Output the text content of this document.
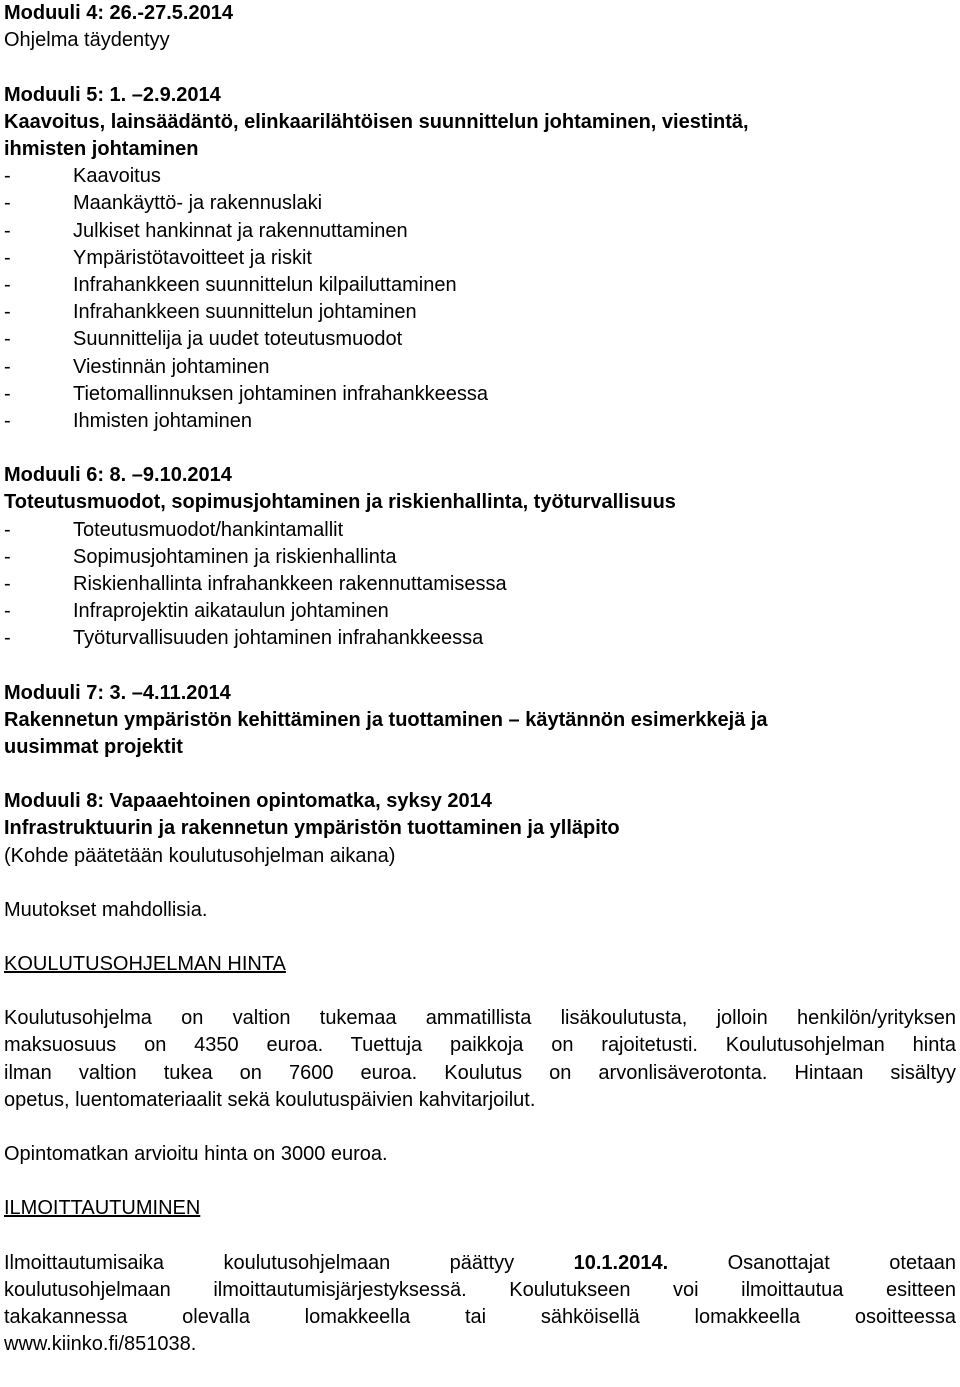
Moduuli 4: 26.-27.5.2014
Ohjelma täydentyy
Moduuli 5: 1. –2.9.2014
Kaavoitus, lainsäädäntö, elinkaarilähtöisen suunnittelun johtaminen, viestintä,
ihmisten johtaminen
-	Kaavoitus
-	Maankäyttö- ja rakennuslaki
-	Julkiset hankinnat ja rakennuttaminen
-	Ympäristötavoitteet ja riskit
-	Infrahankkeen suunnittelun kilpailuttaminen
-	Infrahankkeen suunnittelun johtaminen
-	Suunnittelija ja uudet toteutusmuodot
-	Viestinnän johtaminen
-	Tietomallinnuksen johtaminen infrahankkeessa
-	Ihmisten johtaminen
Moduuli 6: 8. –9.10.2014
Toteutusmuodot, sopimusjohtaminen ja riskienhallinta, työturvallisuus
-	Toteutusmuodot/hankintamallit
-	Sopimusjohtaminen ja riskienhallinta
-	Riskienhallinta infrahankkeen rakennuttamisessa
-	Infraprojektin aikataulun johtaminen
-	Työturvallisuuden johtaminen infrahankkeessa
Moduuli 7: 3. –4.11.2014
Rakennetun ympäristön kehittäminen ja tuottaminen – käytännön esimerkkejä ja
uusimmat projektit
Moduuli 8: Vapaaehtoinen opintomatka, syksy 2014
Infrastruktuurin ja rakennetun ympäristön tuottaminen ja ylläpito
(Kohde päätetään koulutusohjelman aikana)
Muutokset mahdollisia.
KOULUTUSOHJELMAN HINTA
Koulutusohjelma on valtion tukemaa ammatillista lisäkoulutusta, jolloin henkilön/yrityksen
maksuosuus on 4350 euroa. Tuettuja paikkoja on rajoitetusti. Koulutusohjelman hinta
ilman valtion tukea on 7600 euroa. Koulutus on arvonlisäverotonta. Hintaan sisältyy
opetus, luentomateriaalit sekä koulutuspäivien kahvitarjoilut.
Opintomatkan arvioitu hinta on 3000 euroa.
ILMOITTAUTUMINEN
Ilmoittautumisaika koulutusohjelmaan päättyy	10.1.2014.	Osanottajat otetaan
koulutusohjelmaan ilmoittautumisjärjestyksessä. Koulutukseen voi ilmoittautua esitteen
takakannessa olevalla lomakkeella tai sähköisellä lomakkeella osoitteessa
www.kiinko.fi/851038.
